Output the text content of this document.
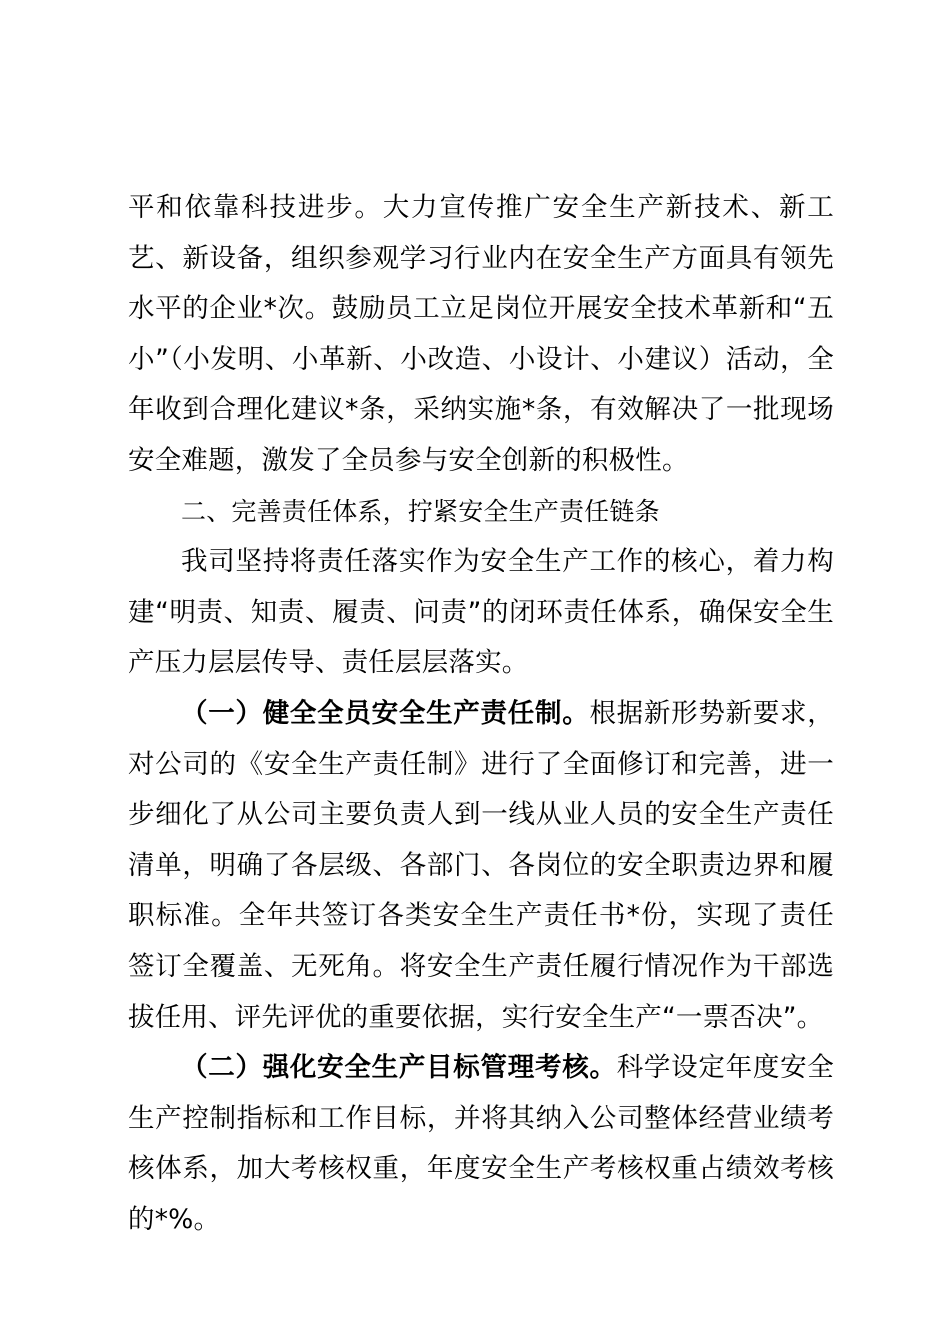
平和依靠科技进步。大力宣传推广安全生产新技术、新工艺、新设备，组织参观学习行业内在安全生产方面具有领先水平的企业*次。鼓励员工立足岗位开展安全技术革新和“五小”（小发明、小革新、小改造、小设计、小建议）活动，全年收到合理化建议*条，采纳实施*条，有效解决了一批现场安全难题，激发了全员参与安全创新的积极性。

二、完善责任体系，拧紧安全生产责任链条

我司坚持将责任落实作为安全生产工作的核心，着力构建“明责、知责、履责、问责”的闭环责任体系，确保安全生产压力层层传导、责任层层落实。

（一）健全全员安全生产责任制。根据新形势新要求，对公司的《安全生产责任制》进行了全面修订和完善，进一步细化了从公司主要负责人到一线从业人员的安全生产责任清单，明确了各层级、各部门、各岗位的安全职责边界和履职标准。全年共签订各类安全生产责任书*份，实现了责任签订全覆盖、无死角。将安全生产责任履行情况作为干部选拔任用、评先评优的重要依据，实行安全生产“一票否决”。

（二）强化安全生产目标管理考核。科学设定年度安全生产控制指标和工作目标，并将其纳入公司整体经营业绩考核体系，加大考核权重，年度安全生产考核权重占绩效考核的*%。
